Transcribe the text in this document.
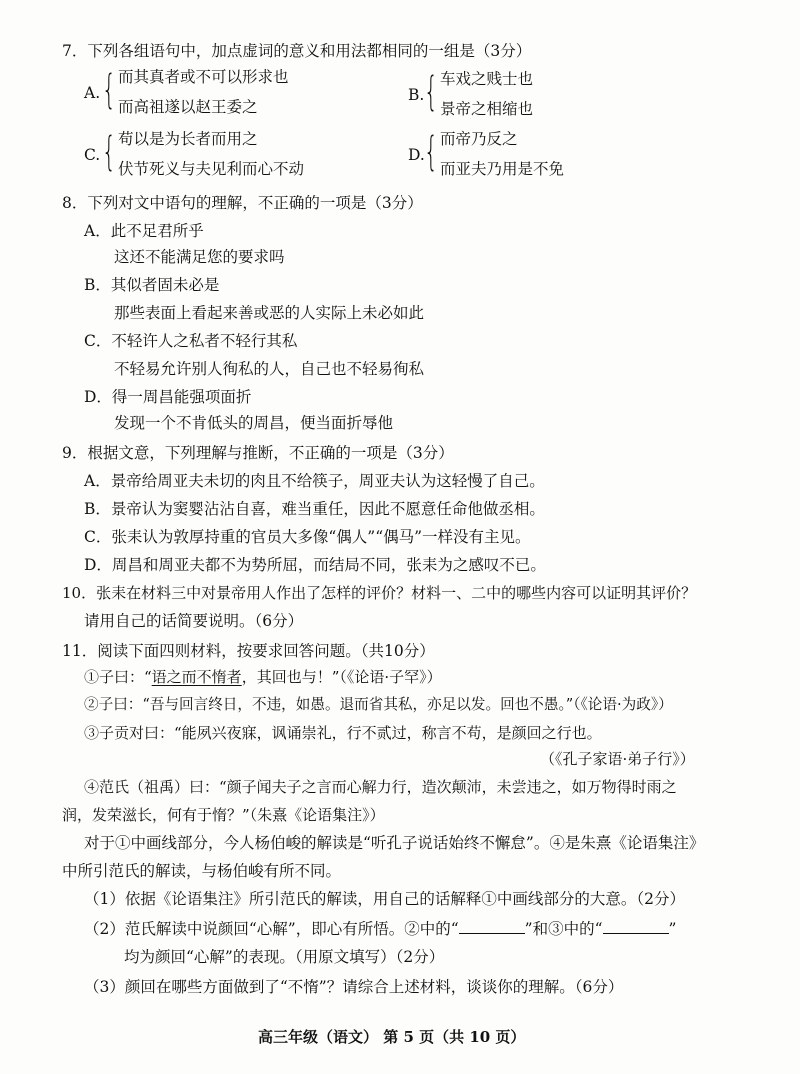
7．下列各组语句中，加点虚词的意义和用法都相同的一组是（3分）
A. { 而其真者或不可以形求也
而高祖遂以赵王委之
B. { 车戏之贱士也
景帝之相缩也
C. { 苟以是为长者而用之
伏节死义与夫见利而心不动
D. { 而帝乃反之
而亚夫乃用是不免
8．下列对文中语句的理解，不正确的一项是（3分）
A．此不足君所乎
这还不能满足您的要求吗
B．其似者固未必是
那些表面上看起来善或恶的人实际上未必如此
C．不轻许人之私者不轻行其私
不轻易允许别人徇私的人，自己也不轻易徇私
D．得一周昌能强项面折
发现一个不肯低头的周昌，便当面折辱他
9．根据文意，下列理解与推断，不正确的一项是（3分）
A．景帝给周亚夫未切的肉且不给筷子，周亚夫认为这轻慢了自己。
B．景帝认为窦婴沾沾自喜，难当重任，因此不愿意任命他做丞相。
C．张耒认为敦厚持重的官员大多像“偶人”“偶马”一样没有主见。
D．周昌和周亚夫都不为势所屈，而结局不同，张耒为之感叹不已。
10．张耒在材料三中对景帝用人作出了怎样的评价？材料一、二中的哪些内容可以证明其评价？
请用自己的话简要说明。（6分）
11．阅读下面四则材料，按要求回答问题。（共10分）
①子曰：“语之而不惰者，其回也与！”（《论语·子罕》）
②子曰：“吾与回言终日，不违，如愚。退而省其私，亦足以发。回也不愚。”（《论语·为政》）
③子贡对曰：“能夙兴夜寐，讽诵崇礼，行不贰过，称言不苟，是颜回之行也。
（《孔子家语·弟子行》）
④范氏（祖禹）曰：“颜子闻夫子之言而心解力行，造次颠沛，未尝违之，如万物得时雨之
润，发荣滋长，何有于惰？”（朱熹《论语集注》）
对于①中画线部分，今人杨伯峻的解读是“听孔子说话始终不懈怠”。④是朱熹《论语集注》
中所引范氏的解读，与杨伯峻有所不同。
（1）依据《论语集注》所引范氏的解读，用自己的话解释①中画线部分的大意。（2分）
（2）范氏解读中说颜回“心解”，即心有所悟。②中的“	”和③中的“	”
均为颜回“心解”的表现。（用原文填写）（2分）
（3）颜回在哪些方面做到了“不惰”？请综合上述材料，谈谈你的理解。（6分）
高三年级（语文） 第 5 页（共 10 页）
